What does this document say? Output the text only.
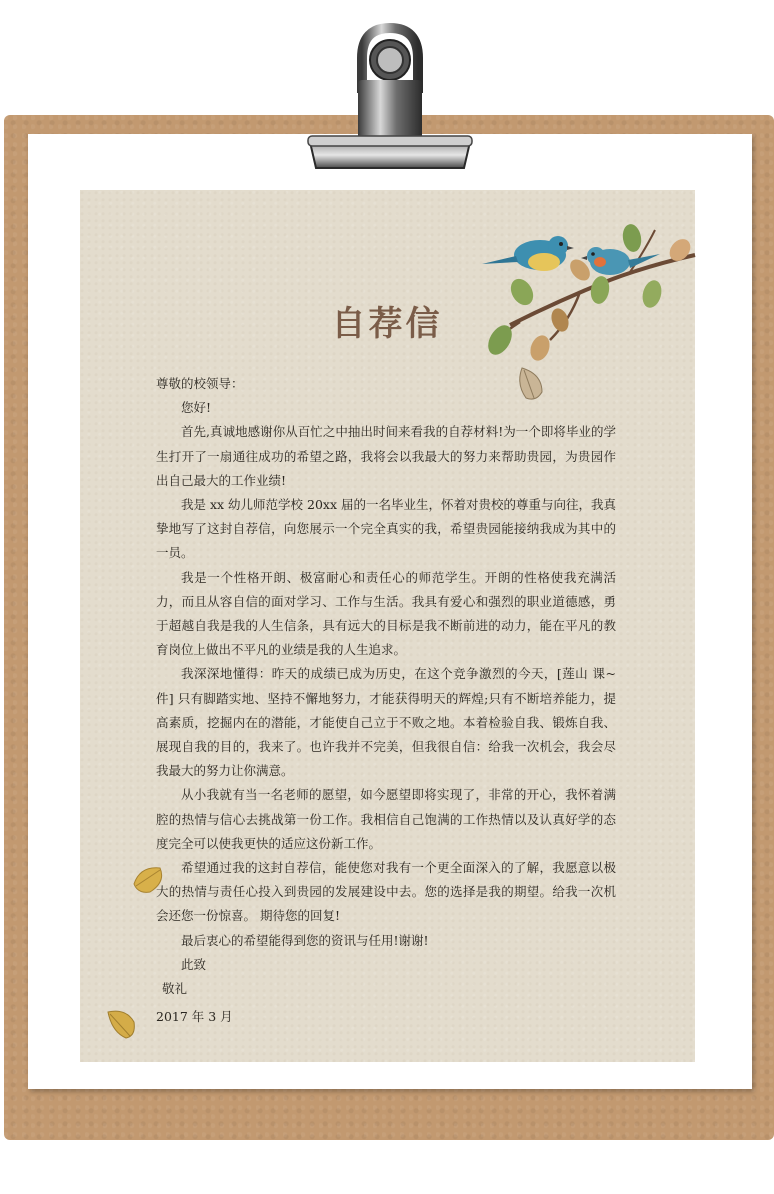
自荐信

尊敬的校领导：

您好!

首先,真诚地感谢你从百忙之中抽出时间来看我的自荐材料!为一个即将毕业的学生打开了一扇通往成功的希望之路，我将会以我最大的努力来帮助贵园，为贵园作出自己最大的工作业绩!

我是 xx 幼儿师范学校 20xx 届的一名毕业生，怀着对贵校的尊重与向往，我真挚地写了这封自荐信，向您展示一个完全真实的我，希望贵园能接纳我成为其中的一员。

我是一个性格开朗、极富耐心和责任心的师范学生。开朗的性格使我充满活力，而且从容自信的面对学习、工作与生活。我具有爱心和强烈的职业道德感，勇于超越自我是我的人生信条，具有远大的目标是我不断前进的动力，能在平凡的教育岗位上做出不平凡的业绩是我的人生追求。

我深深地懂得：昨天的成绩已成为历史，在这个竞争激烈的今天，[莲山 课~件] 只有脚踏实地、坚持不懈地努力，才能获得明天的辉煌;只有不断培养能力，提高素质，挖掘内在的潜能，才能使自己立于不败之地。本着检验自我、锻炼自我、展现自我的目的，我来了。也许我并不完美，但我很自信：给我一次机会，我会尽我最大的努力让你满意。

从小我就有当一名老师的愿望，如今愿望即将实现了，非常的开心，我怀着满腔的热情与信心去挑战第一份工作。我相信自己饱满的工作热情以及认真好学的态度完全可以使我更快的适应这份新工作。

希望通过我的这封自荐信，能使您对我有一个更全面深入的了解，我愿意以极大的热情与责任心投入到贵园的发展建设中去。您的选择是我的期望。给我一次机会还您一份惊喜。 期待您的回复!

最后衷心的希望能得到您的资讯与任用!谢谢!

此致

敬礼

2017 年 3 月
